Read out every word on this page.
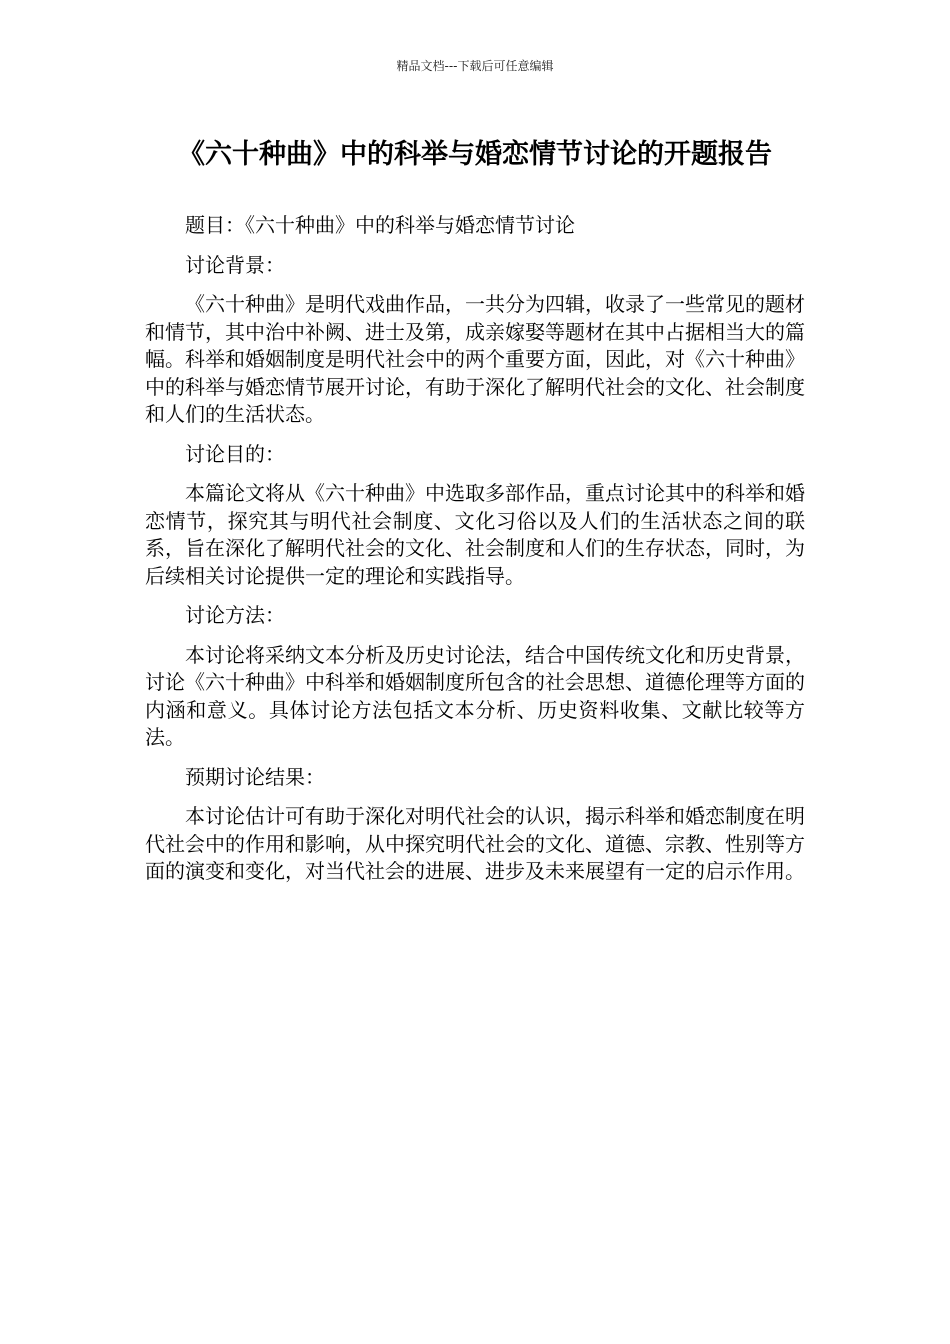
精品文档---下载后可任意编辑
《六十种曲》中的科举与婚恋情节讨论的开题报告

题目：《六十种曲》中的科举与婚恋情节讨论

讨论背景：

《六十种曲》是明代戏曲作品，一共分为四辑，收录了一些常见的题材和情节，其中治中补阙、进士及第，成亲嫁娶等题材在其中占据相当大的篇幅。科举和婚姻制度是明代社会中的两个重要方面，因此，对《六十种曲》中的科举与婚恋情节展开讨论，有助于深化了解明代社会的文化、社会制度和人们的生活状态。

讨论目的：

本篇论文将从《六十种曲》中选取多部作品，重点讨论其中的科举和婚恋情节，探究其与明代社会制度、文化习俗以及人们的生活状态之间的联系，旨在深化了解明代社会的文化、社会制度和人们的生存状态，同时，为后续相关讨论提供一定的理论和实践指导。

讨论方法：

本讨论将采纳文本分析及历史讨论法，结合中国传统文化和历史背景，讨论《六十种曲》中科举和婚姻制度所包含的社会思想、道德伦理等方面的内涵和意义。具体讨论方法包括文本分析、历史资料收集、文献比较等方法。

预期讨论结果：

本讨论估计可有助于深化对明代社会的认识，揭示科举和婚恋制度在明代社会中的作用和影响，从中探究明代社会的文化、道德、宗教、性别等方面的演变和变化，对当代社会的进展、进步及未来展望有一定的启示作用。
